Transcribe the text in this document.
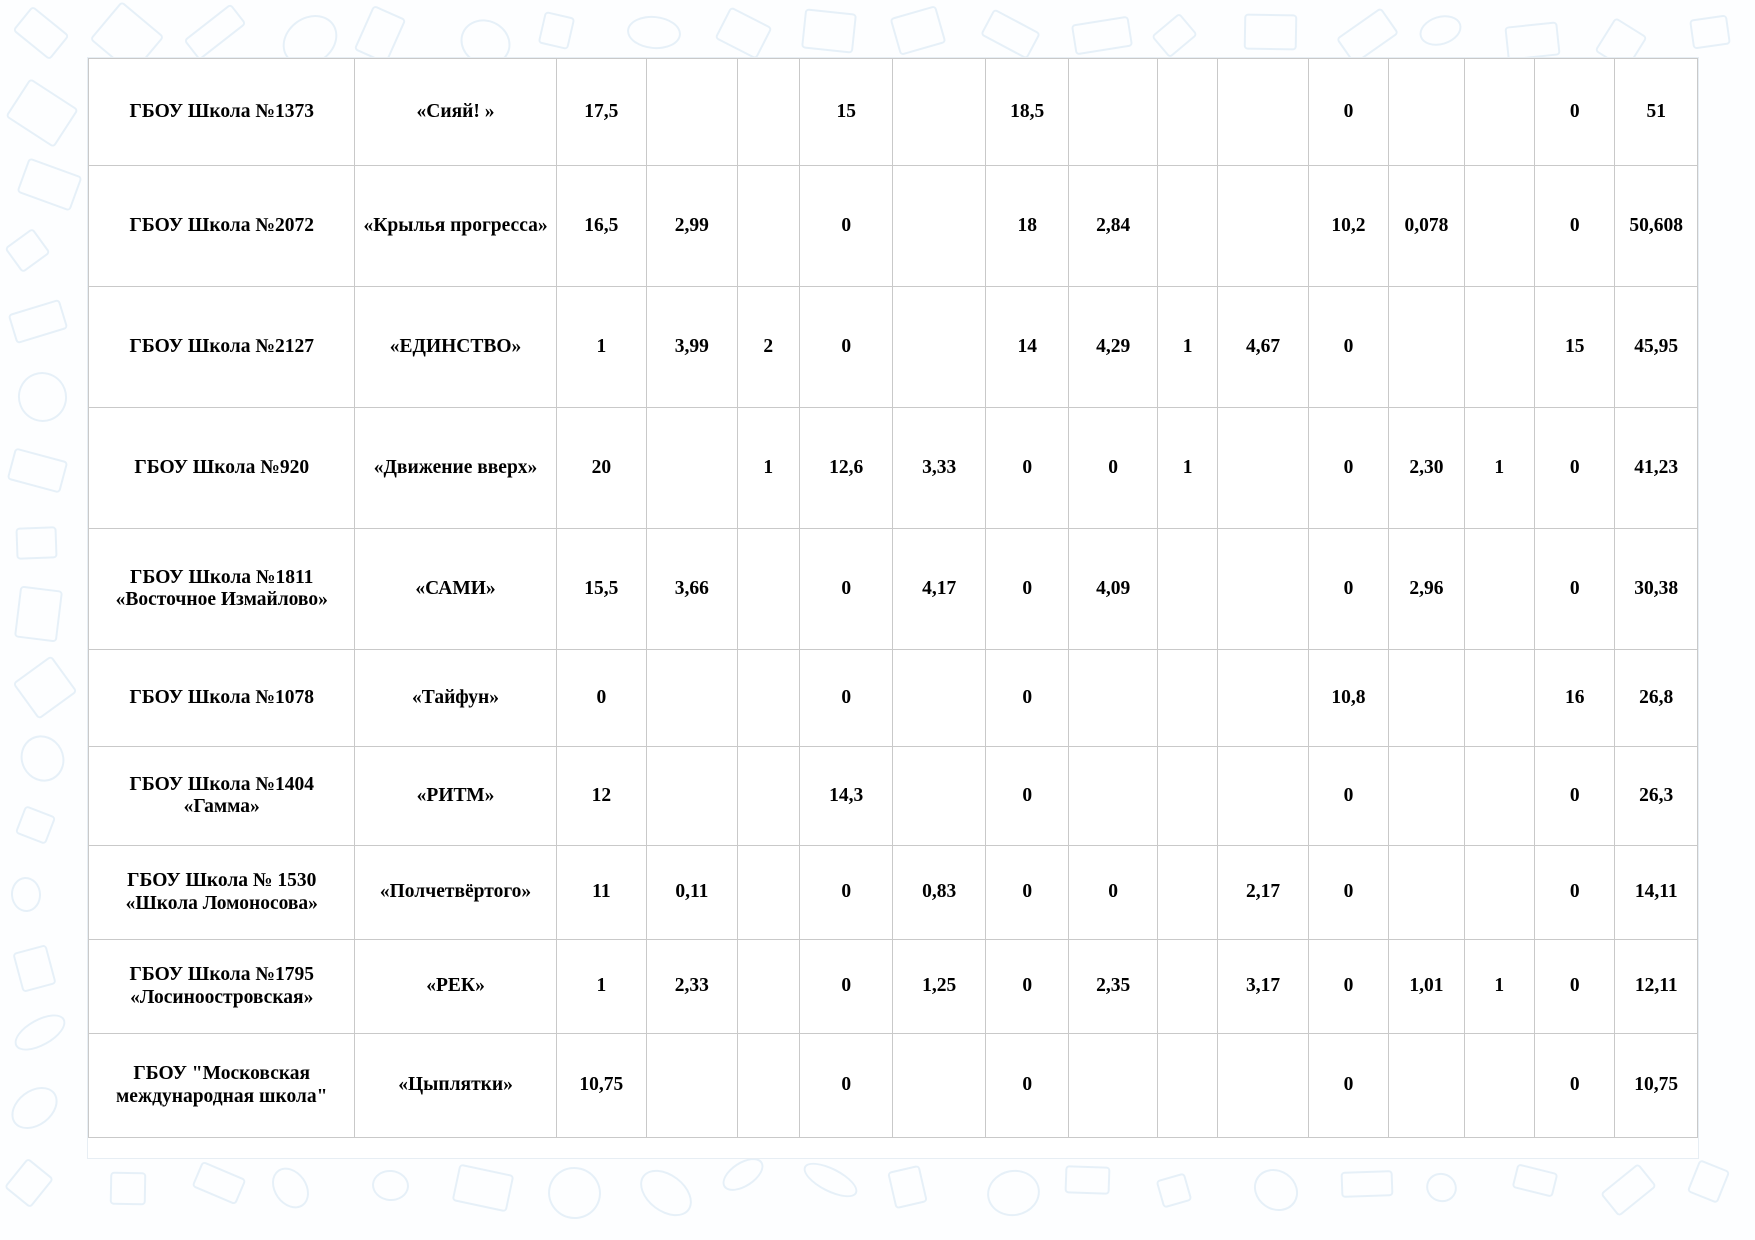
ГБОУ Школа №1373	«Сияй! »	17,5			15		18,5				0			0	51
ГБОУ Школа №2072	«Крылья прогресса»	16,5	2,99		0		18	2,84			10,2	0,078		0	50,608
ГБОУ Школа №2127	«ЕДИНСТВО»	1	3,99	2	0		14	4,29	1	4,67	0			15	45,95
ГБОУ Школа №920	«Движение вверх»	20		1	12,6	3,33	0	0	1		0	2,30	1	0	41,23
ГБОУ Школа №1811 «Восточное Измайлово»	«САМИ»	15,5	3,66		0	4,17	0	4,09			0	2,96		0	30,38
ГБОУ Школа №1078	«Тайфун»	0			0		0				10,8			16	26,8
ГБОУ Школа №1404 «Гамма»	«РИТМ»	12			14,3		0				0			0	26,3
ГБОУ Школа № 1530 «Школа Ломоносова»	«Полчетвёртого»	11	0,11		0	0,83	0	0		2,17	0			0	14,11
ГБОУ Школа №1795 «Лосиноостровская»	«РЕК»	1	2,33		0	1,25	0	2,35		3,17	0	1,01	1	0	12,11
ГБОУ "Московская международная школа"	«Цыплятки»	10,75			0		0				0			0	10,75
